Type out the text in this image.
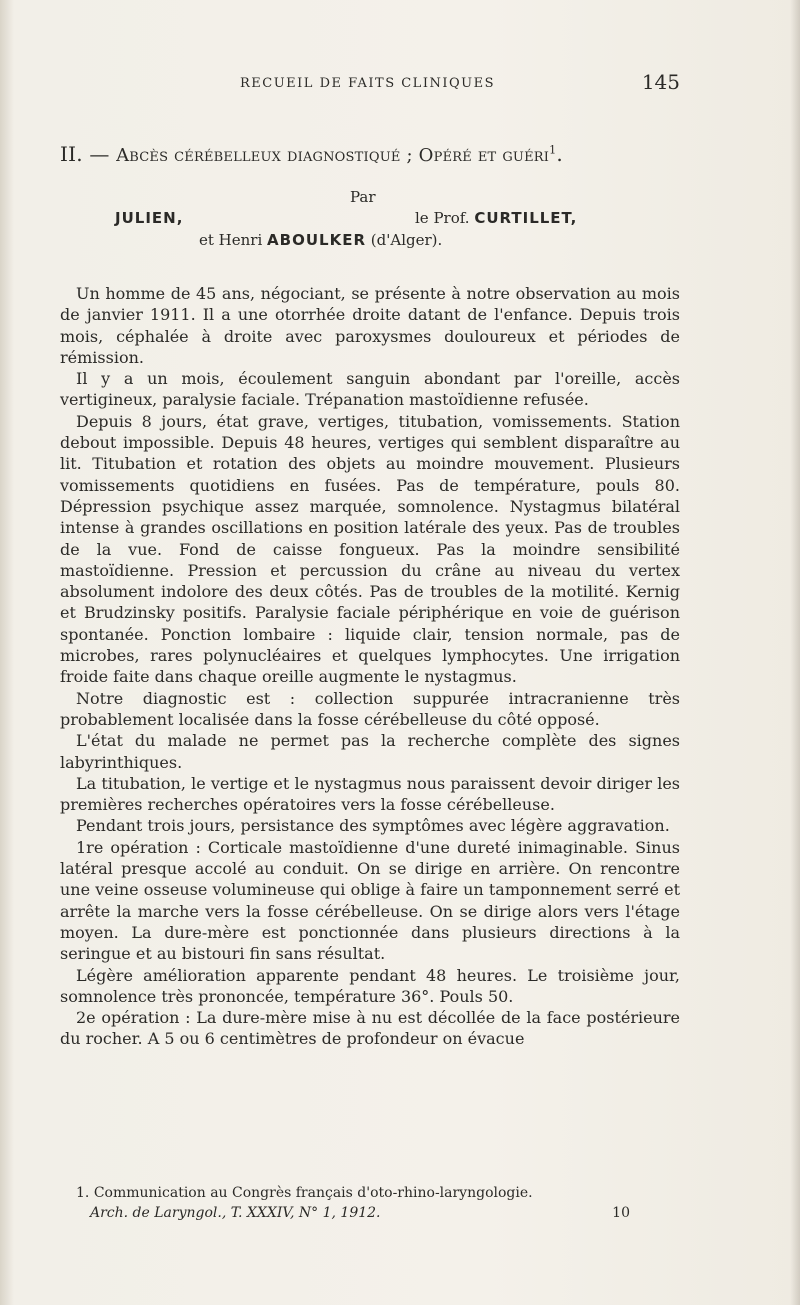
RECUEIL DE FAITS CLINIQUES	145
II. — Abcès cérébelleux diagnostiqué ; Opéré et guéri$^1$.
Par
JULIEN,	le Prof. CURTILLET,
et Henri ABOULKER (d'Alger).

Un homme de 45 ans, négociant, se présente à notre observation au mois de janvier 1911. Il a une otorrhée droite datant de l'enfance. Depuis trois mois, céphalée à droite avec paroxysmes douloureux et périodes de rémission.

Il y a un mois, écoulement sanguin abondant par l'oreille, accès vertigineux, paralysie faciale. Trépanation mastoïdienne refusée.

Depuis 8 jours, état grave, vertiges, titubation, vomissements. Station debout impossible. Depuis 48 heures, vertiges qui semblent disparaître au lit. Titubation et rotation des objets au moindre mouvement. Plusieurs vomissements quotidiens en fusées. Pas de température, pouls 80. Dépression psychique assez marquée, somnolence. Nystagmus bilatéral intense à grandes oscillations en position latérale des yeux. Pas de troubles de la vue. Fond de caisse fongueux. Pas la moindre sensibilité mastoïdienne. Pression et percussion du crâne au niveau du vertex absolument indolore des deux côtés. Pas de troubles de la motilité. Kernig et Brudzinsky positifs. Paralysie faciale périphérique en voie de guérison spontanée. Ponction lombaire : liquide clair, tension normale, pas de microbes, rares polynucléaires et quelques lymphocytes. Une irrigation froide faite dans chaque oreille augmente le nystagmus.

Notre diagnostic est : collection suppurée intracranienne très probablement localisée dans la fosse cérébelleuse du côté opposé.

L'état du malade ne permet pas la recherche complète des signes labyrinthiques.

La titubation, le vertige et le nystagmus nous paraissent devoir diriger les premières recherches opératoires vers la fosse cérébelleuse.

Pendant trois jours, persistance des symptômes avec légère aggravation.

1re opération : Corticale mastoïdienne d'une dureté inimaginable. Sinus latéral presque accolé au conduit. On se dirige en arrière. On rencontre une veine osseuse volumineuse qui oblige à faire un tamponnement serré et arrête la marche vers la fosse cérébelleuse. On se dirige alors vers l'étage moyen. La dure-mère est ponctionnée dans plusieurs directions à la seringue et au bistouri fin sans résultat.

Légère amélioration apparente pendant 48 heures. Le troisième jour, somnolence très prononcée, température 36°. Pouls 50.

2e opération : La dure-mère mise à nu est décollée de la face postérieure du rocher. A 5 ou 6 centimètres de profondeur on évacue

1. Communication au Congrès français d'oto-rhino-laryngologie.
Arch. de Laryngol., T. XXXIV, N° 1, 1912.	10
